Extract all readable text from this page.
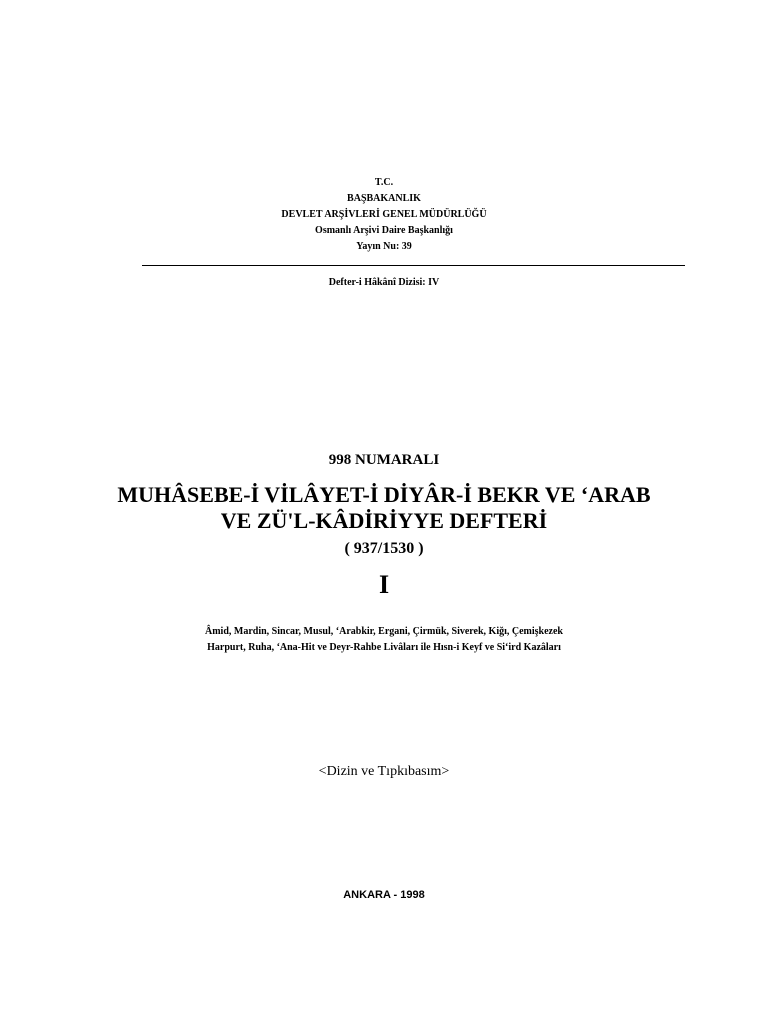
T.C.
BAŞBAKANLIK
DEVLET ARŞİVLERİ GENEL MÜDÜRLÜĞÜ
Osmanlı Arşivi Daire Başkanlığı
Yayın Nu: 39
Defter-i Hâkânî Dizisi: IV
998 NUMARALI
MUHÂSEBE-İ VİLÂYET-İ DİYÂR-İ BEKR VE ‘ARAB
VE ZÜ'L-KÂDİRİYYE DEFTERİ
( 937/1530 )
I
Âmid, Mardin, Sincar, Musul, ‘Arabkir, Ergani, Çirmük, Siverek, Kiğı, Çemişkezek
Harpurt, Ruha, ‘Ana-Hit ve Deyr-Rahbe Livâları ile Hısn-i Keyf ve Si‘ird Kazâları
<Dizin ve Tıpkıbasım>
ANKARA - 1998
